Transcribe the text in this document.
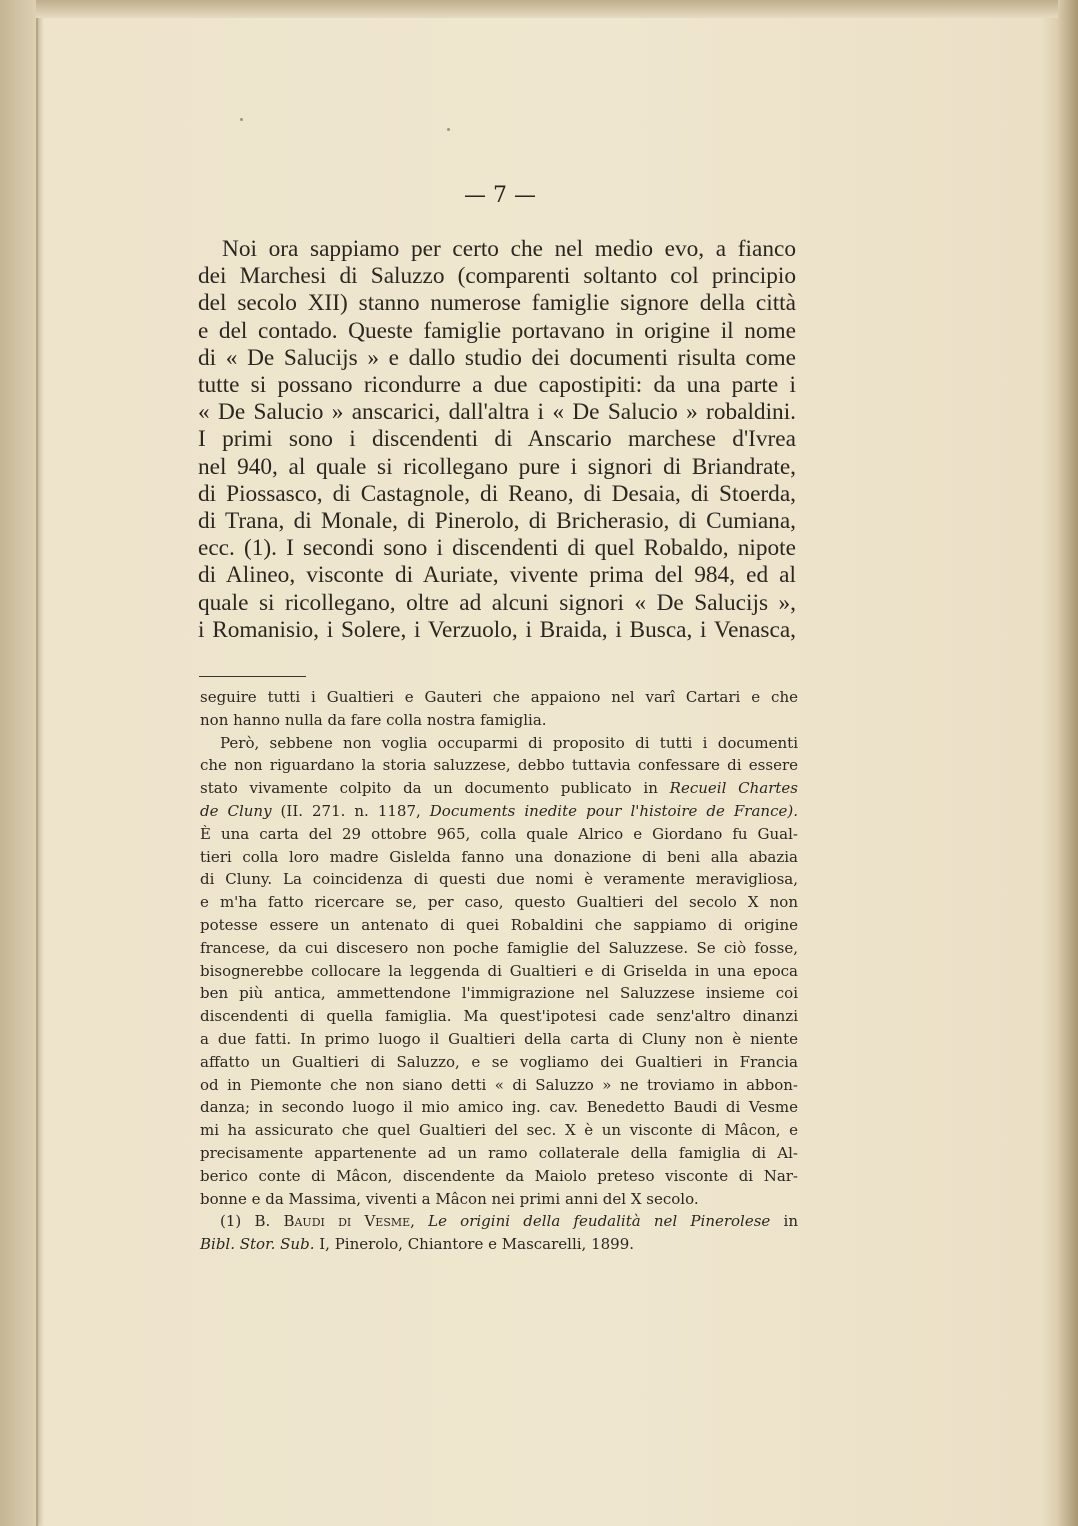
— 7 —
Noi ora sappiamo per certo che nel medio evo, a fianco
dei Marchesi di Saluzzo (comparenti soltanto col principio
del secolo XII) stanno numerose famiglie signore della città
e del contado. Queste famiglie portavano in origine il nome
di « De Salucijs » e dallo studio dei documenti risulta come
tutte si possano ricondurre a due capostipiti: da una parte i
« De Salucio » anscarici, dall'altra i « De Salucio » robaldini.
I primi sono i discendenti di Anscario marchese d'Ivrea
nel 940, al quale si ricollegano pure i signori di Briandrate,
di Piossasco, di Castagnole, di Reano, di Desaia, di Stoerda,
di Trana, di Monale, di Pinerolo, di Bricherasio, di Cumiana,
ecc. (1). I secondi sono i discendenti di quel Robaldo, nipote
di Alineo, visconte di Auriate, vivente prima del 984, ed al
quale si ricollegano, oltre ad alcuni signori « De Salucijs »,
i Romanisio, i Solere, i Verzuolo, i Braida, i Busca, i Venasca,
seguire tutti i Gualtieri e Gauteri che appaiono nel varî Cartari e che
non hanno nulla da fare colla nostra famiglia.
Però, sebbene non voglia occuparmi di proposito di tutti i documenti
che non riguardano la storia saluzzese, debbo tuttavia confessare di essere
stato vivamente colpito da un documento publicato in Recueil Chartes
de Cluny (II. 271. n. 1187, Documents inedite pour l'histoire de France).
È una carta del 29 ottobre 965, colla quale Alrico e Giordano fu Gual-
tieri colla loro madre Gislelda fanno una donazione di beni alla abazia
di Cluny. La coincidenza di questi due nomi è veramente meravigliosa,
e m'ha fatto ricercare se, per caso, questo Gualtieri del secolo X non
potesse essere un antenato di quei Robaldini che sappiamo di origine
francese, da cui discesero non poche famiglie del Saluzzese. Se ciò fosse,
bisognerebbe collocare la leggenda di Gualtieri e di Griselda in una epoca
ben più antica, ammettendone l'immigrazione nel Saluzzese insieme coi
discendenti di quella famiglia. Ma quest'ipotesi cade senz'altro dinanzi
a due fatti. In primo luogo il Gualtieri della carta di Cluny non è niente
affatto un Gualtieri di Saluzzo, e se vogliamo dei Gualtieri in Francia
od in Piemonte che non siano detti « di Saluzzo » ne troviamo in abbon-
danza; in secondo luogo il mio amico ing. cav. Benedetto Baudi di Vesme
mi ha assicurato che quel Gualtieri del sec. X è un visconte di Mâcon, e
precisamente appartenente ad un ramo collaterale della famiglia di Al-
berico conte di Mâcon, discendente da Maiolo preteso visconte di Nar-
bonne e da Massima, viventi a Mâcon nei primi anni del X secolo.
(1) B. Baudi di Vesme, Le origini della feudalità nel Pinerolese in
Bibl. Stor. Sub. I, Pinerolo, Chiantore e Mascarelli, 1899.
